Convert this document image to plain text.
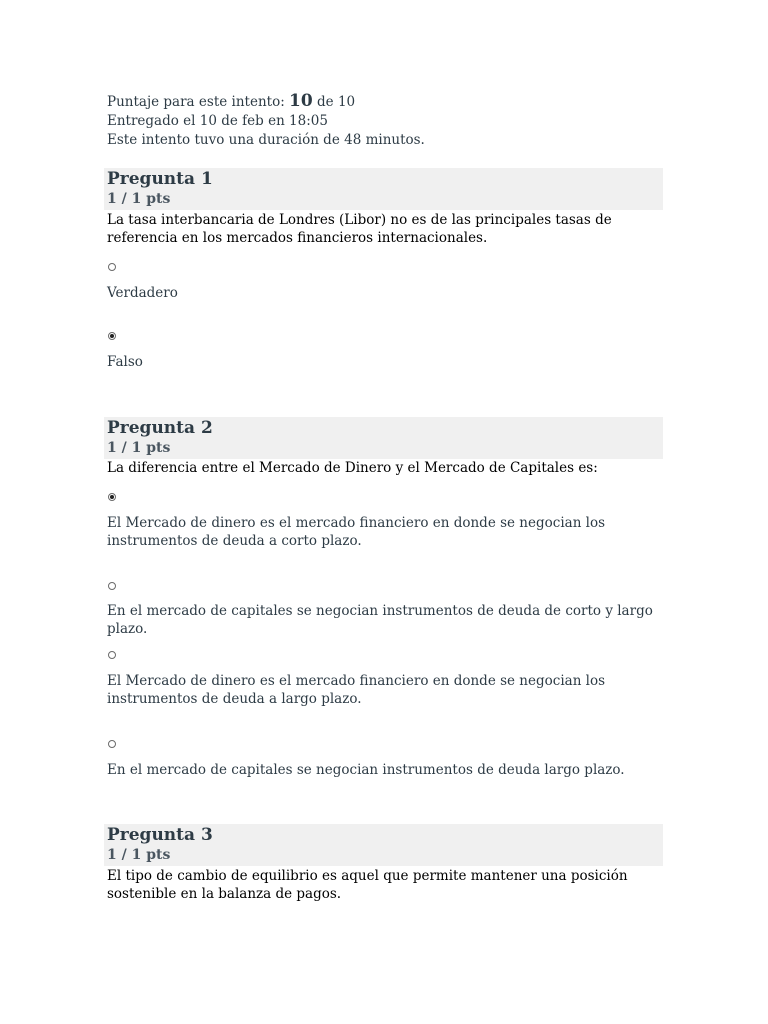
Puntaje para este intento: 10 de 10
Entregado el 10 de feb en 18:05
Este intento tuvo una duración de 48 minutos.
Pregunta 1
1 / 1 pts
La tasa interbancaria de Londres (Libor) no es de las principales tasas de referencia en los mercados financieros internacionales.
Verdadero
Falso
Pregunta 2
1 / 1 pts
La diferencia entre el Mercado de Dinero y el Mercado de Capitales es:
El Mercado de dinero es el mercado financiero en donde se negocian los instrumentos de deuda a corto plazo.
En el mercado de capitales se negocian instrumentos de deuda de corto y largo plazo.
El Mercado de dinero es el mercado financiero en donde se negocian los instrumentos de deuda a largo plazo.
En el mercado de capitales se negocian instrumentos de deuda largo plazo.
Pregunta 3
1 / 1 pts
El tipo de cambio de equilibrio es aquel que permite mantener una posición sostenible en la balanza de pagos.
